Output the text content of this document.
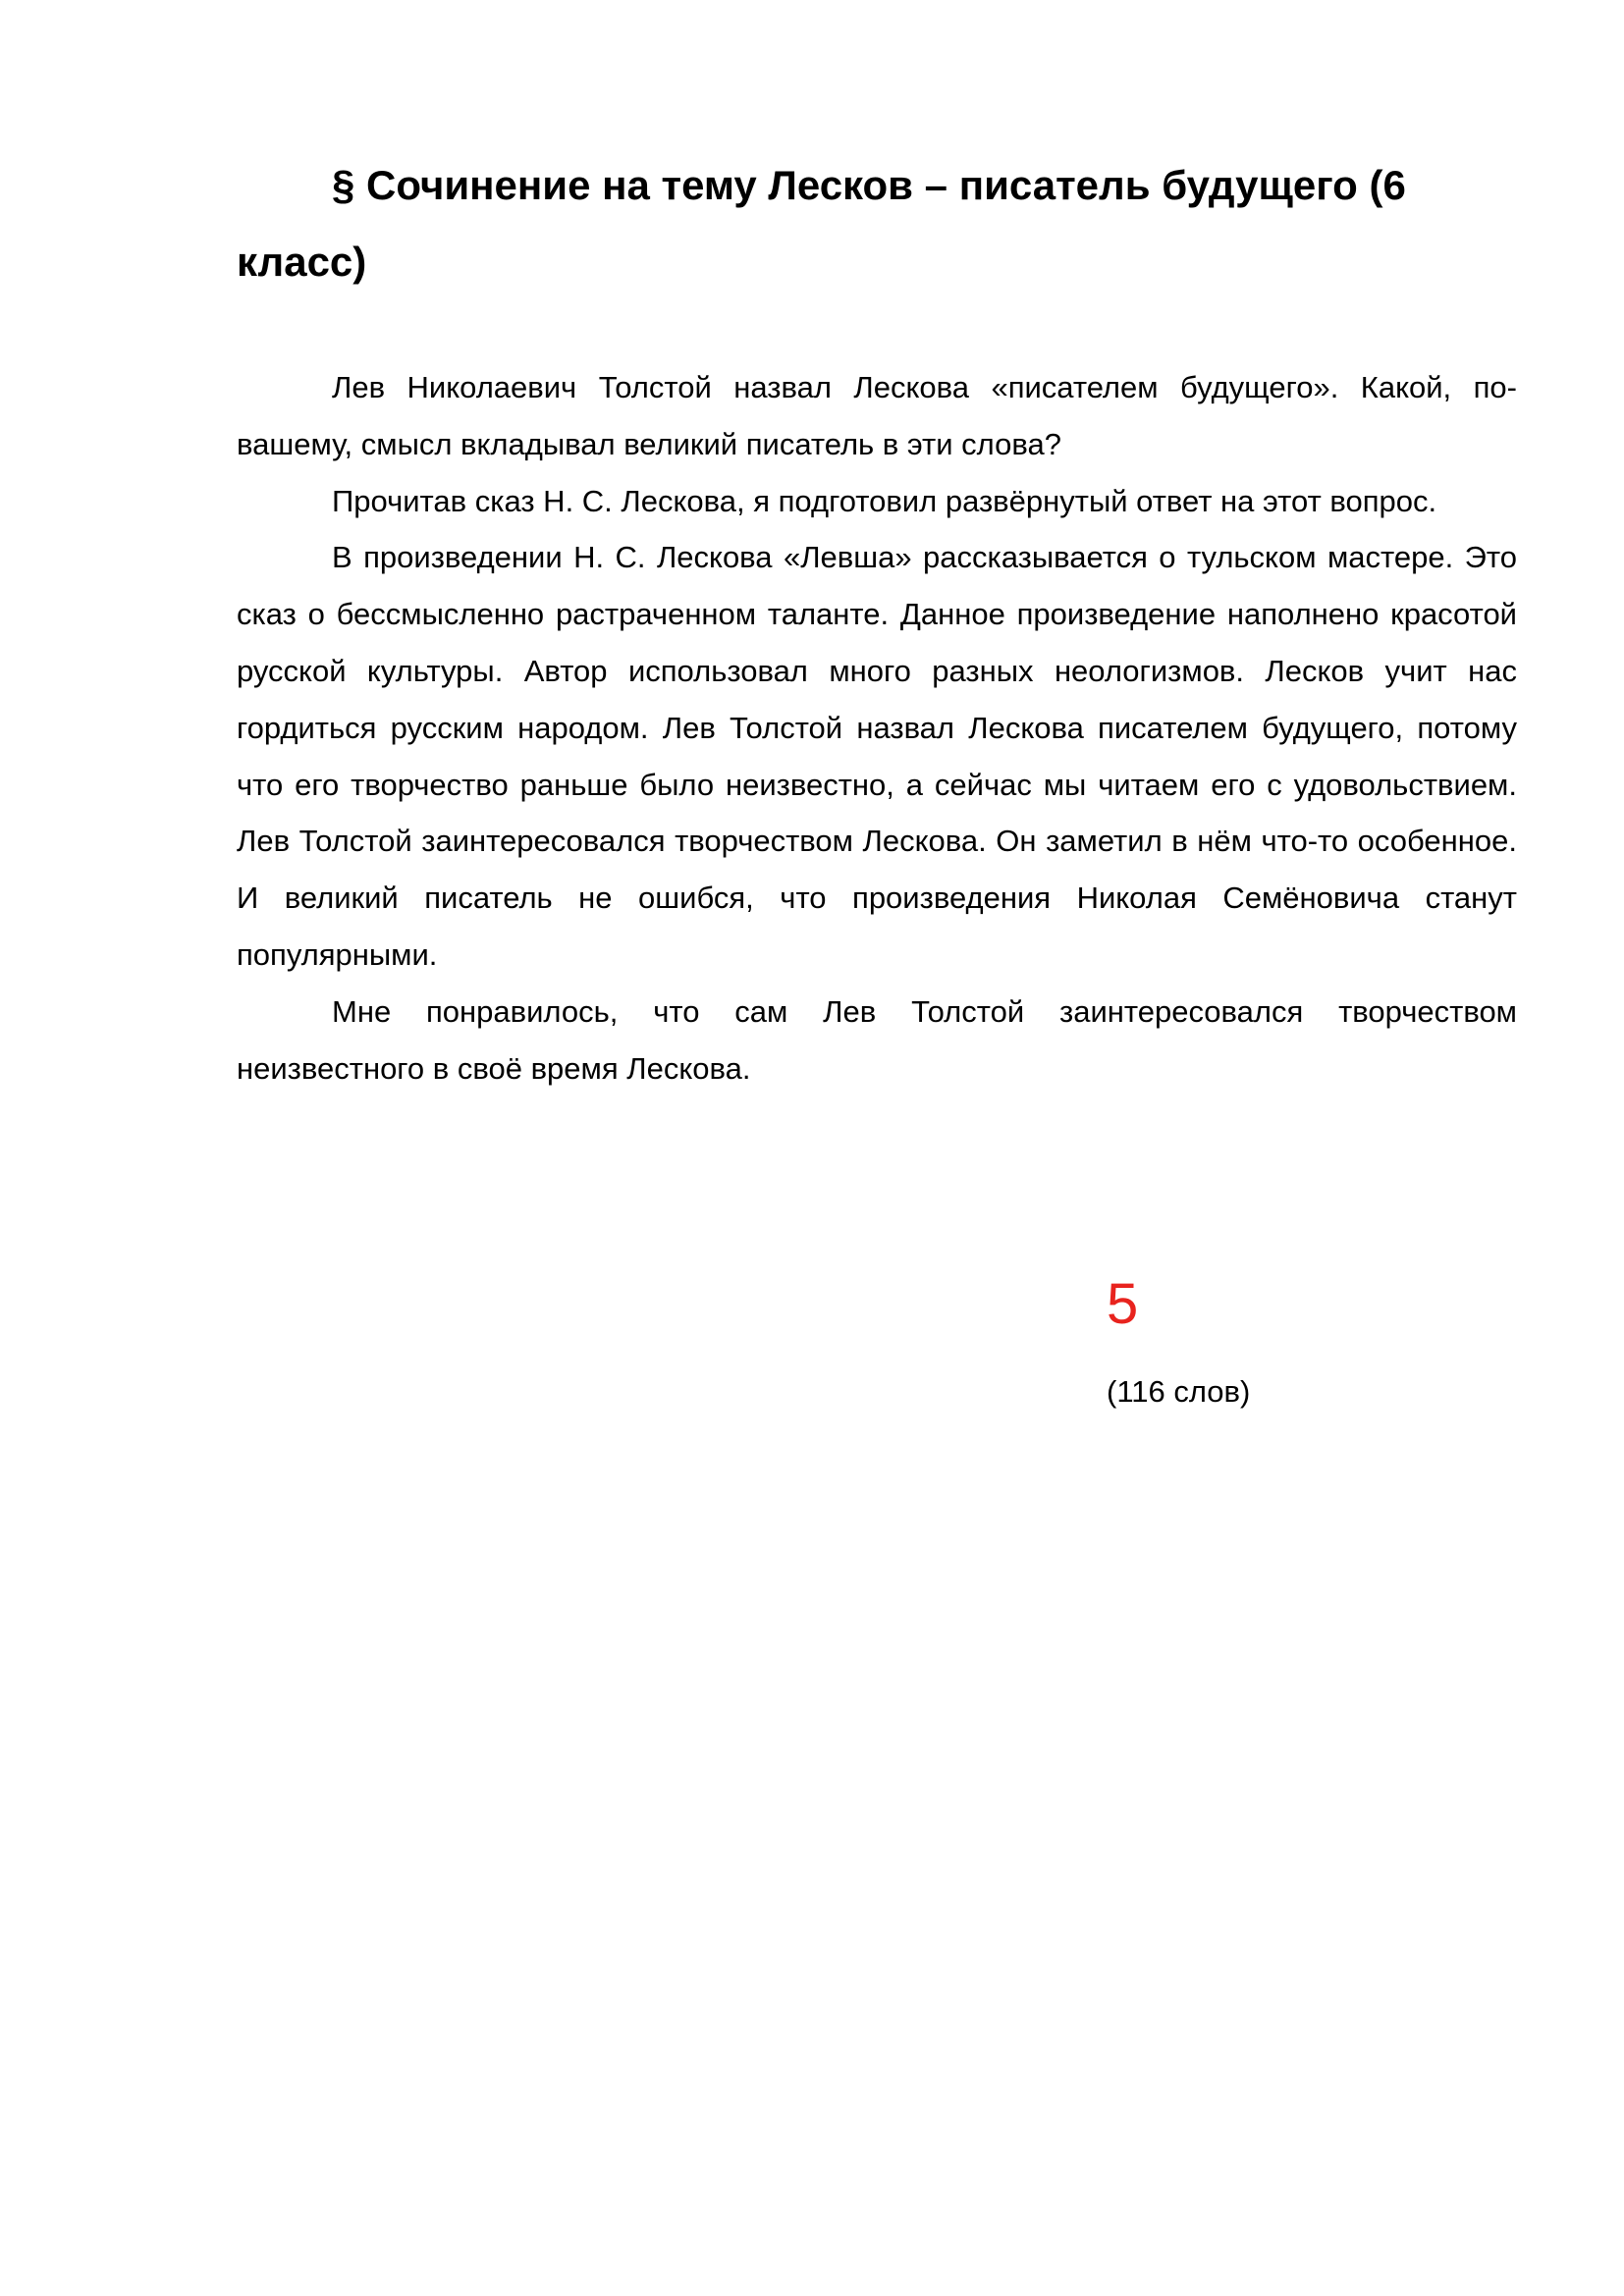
§ Сочинение на тему Лесков – писатель будущего (6 класс)

Лев Николаевич Толстой назвал Лескова «писателем будущего». Какой, по-вашему, смысл вкладывал великий писатель в эти слова?

Прочитав сказ Н. С. Лескова, я подготовил развёрнутый ответ на этот вопрос.

В произведении Н. С. Лескова «Левша» рассказывается о тульском мастере. Это сказ о бессмысленно растраченном таланте. Данное произведение наполнено красотой русской культуры. Автор использовал много разных неологизмов. Лесков учит нас гордиться русским народом. Лев Толстой назвал Лескова писателем будущего, потому что его творчество раньше было неизвестно, а сейчас мы читаем его с удовольствием. Лев Толстой заинтересовался творчеством Лескова. Он заметил в нём что-то особенное. И великий писатель не ошибся, что произведения Николая Семёновича станут популярными.

Мне понравилось, что сам Лев Толстой заинтересовался творчеством неизвестного в своё время Лескова.

5
(116 слов)
